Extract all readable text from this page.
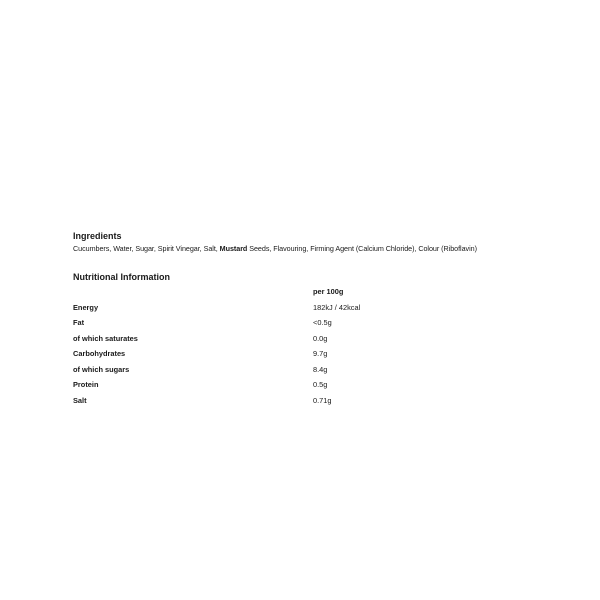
Ingredients
Cucumbers, Water, Sugar, Spirit Vinegar, Salt, Mustard Seeds, Flavouring, Firming Agent (Calcium Chloride), Colour (Riboflavin)
Nutritional Information
per 100g
Energy	182kJ / 42kcal
Fat	<0.5g
of which saturates	0.0g
Carbohydrates	9.7g
of which sugars	8.4g
Protein	0.5g
Salt	0.71g
